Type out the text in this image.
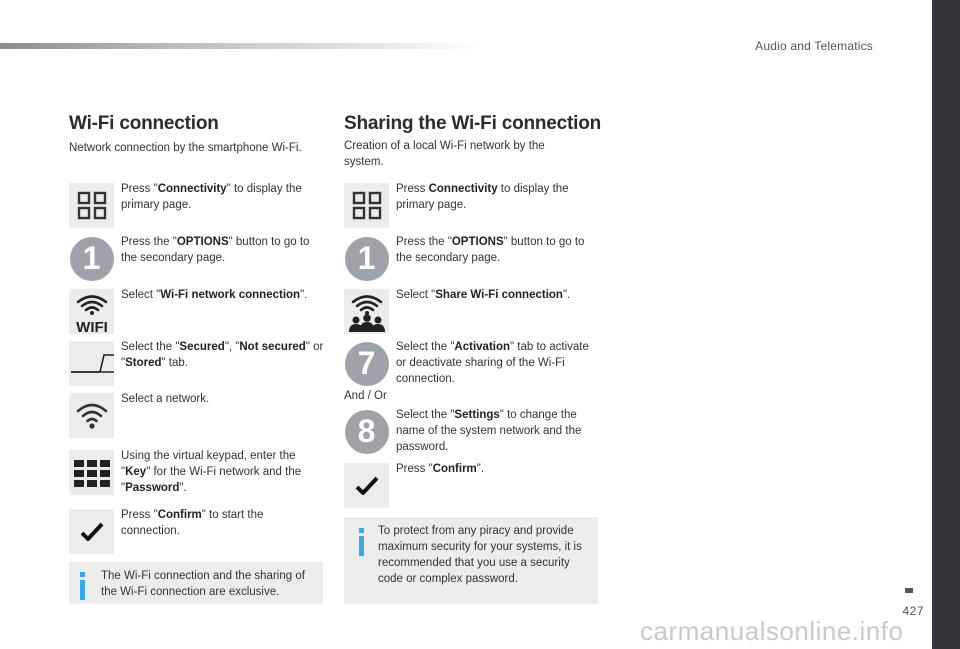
Audio and Telematics
Wi-Fi connection
Network connection by the smartphone Wi-Fi.
Press "Connectivity" to display the primary page.
1	Press the "OPTIONS" button to go to the secondary page.
WIFI
Select "Wi-Fi network connection".
Select the "Secured", "Not secured" or "Stored" tab.
Select a network.
Using the virtual keypad, enter the "Key" for the Wi-Fi network and the "Password".
Press "Confirm" to start the connection.
The Wi-Fi connection and the sharing of the Wi-Fi connection are exclusive.
Sharing the Wi-Fi connection
Creation of a local Wi-Fi network by the system.
Press Connectivity to display the primary page.
1	Press the "OPTIONS" button to go to the secondary page.
Select "Share Wi-Fi connection".
7	Select the "Activation" tab to activate or deactivate sharing of the Wi-Fi connection.
And / Or
8	Select the "Settings" to change the name of the system network and the password.
Press "Confirm".
To protect from any piracy and provide maximum security for your systems, it is recommended that you use a security code or complex password.
427
carmanualsonline.info
